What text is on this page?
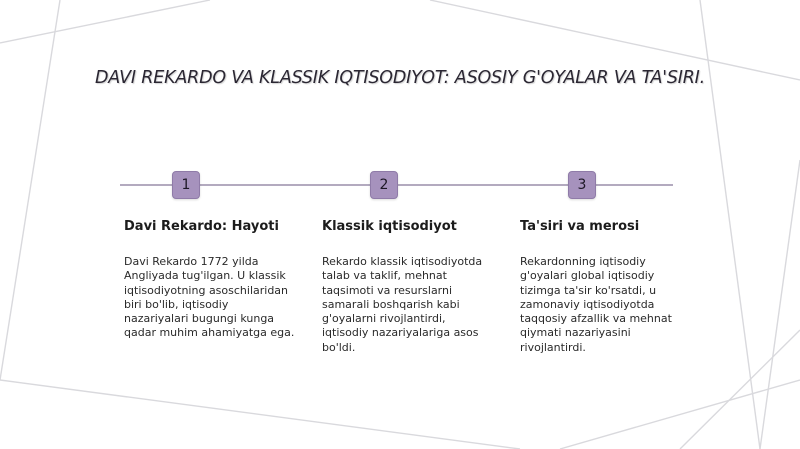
DAVI REKARDO VA KLASSIK IQTISODIYOT: ASOSIY G'OYALAR VA TA'SIRI.
1	2	3
Davi Rekardo: Hayoti

Davi Rekardo 1772 yilda Angliyada tug'ilgan. U klassik iqtisodiyotning asoschilaridan biri bo'lib, iqtisodiy nazariyalari bugungi kunga qadar muhim ahamiyatga ega.

Klassik iqtisodiyot

Rekardo klassik iqtisodiyotda talab va taklif, mehnat taqsimoti va resurslarni samarali boshqarish kabi g'oyalarni rivojlantirdi, iqtisodiy nazariyalariga asos bo'ldi.

Ta'siri va merosi

Rekardonning iqtisodiy g'oyalari global iqtisodiy tizimga ta'sir ko'rsatdi, u zamonaviy iqtisodiyotda taqqosiy afzallik va mehnat qiymati nazariyasini rivojlantirdi.
